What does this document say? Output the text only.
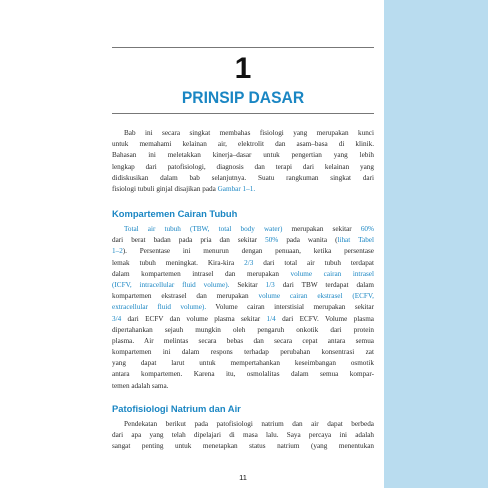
1
PRINSIP DASAR
Bab ini secara singkat membahas fisiologi yang merupakan kunci
untuk memahami kelainan air, elektrolit dan asam–basa di klinik.
Bahasan ini meletakkan kinerja–dasar untuk pengertian yang lebih
lengkap dari patofisiologi, diagnosis dan terapi dari kelainan yang
didiskusikan dalam bab selanjutnya. Suatu rangkuman singkat dari
fisiologi tubuli ginjal disajikan pada Gambar 1–1.
Kompartemen Cairan Tubuh
Total air tubuh (TBW, total body water) merupakan sekitar 60%
dari berat badan pada pria dan sekitar 50% pada wanita (lihat Tabel
1–2). Persentase ini menurun dengan penuaan, ketika persentase
lemak tubuh meningkat. Kira-kira 2/3 dari total air tubuh terdapat
dalam kompartemen intrasel dan merupakan volume cairan intrasel
(ICFV, intracellular fluid volume). Sekitar 1/3 dari TBW terdapat dalam
kompartemen ekstrasel dan merupakan volume cairan ekstrasel (ECFV,
extracellular fluid volume). Volume cairan interstisial merupakan sekitar
3/4 dari ECFV dan volume plasma sekitar 1/4 dari ECFV. Volume plasma
dipertahankan sejauh mungkin oleh pengaruh onkotik dari protein
plasma. Air melintas secara bebas dan secara cepat antara semua
kompartemen ini dalam respons terhadap perubahan konsentrasi zat
yang dapat larut untuk mempertahankan keseimbangan osmotik
antara kompartemen. Karena itu, osmolalitas dalam semua kompar-
temen adalah sama.
Patofisiologi Natrium dan Air
Pendekatan berikut pada patofisiologi natrium dan air dapat berbeda
dari apa yang telah dipelajari di masa lalu. Saya percaya ini adalah
sangat penting untuk menetapkan status natrium (yang menentukan
11
